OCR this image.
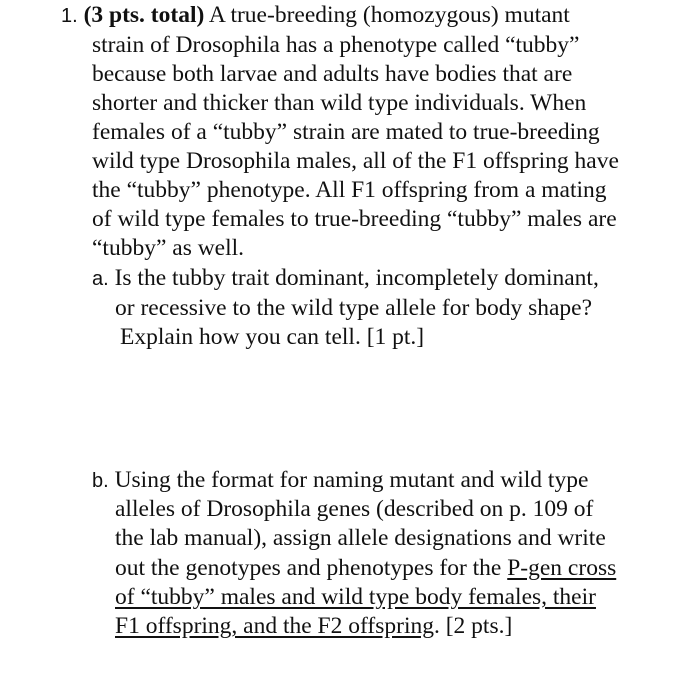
1. (3 pts. total) A true-breeding (homozygous) mutant
strain of Drosophila has a phenotype called “tubby”
because both larvae and adults have bodies that are
shorter and thicker than wild type individuals. When
females of a “tubby” strain are mated to true-breeding
wild type Drosophila males, all of the F1 offspring have
the “tubby” phenotype. All F1 offspring from a mating
of wild type females to true-breeding “tubby” males are
“tubby” as well.
a. Is the tubby trait dominant, incompletely dominant,
or recessive to the wild type allele for body shape?
Explain how you can tell. [1 pt.]
b. Using the format for naming mutant and wild type
alleles of Drosophila genes (described on p. 109 of
the lab manual), assign allele designations and write
out the genotypes and phenotypes for the P-gen cross
of “tubby” males and wild type body females, their
F1 offspring, and the F2 offspring. [2 pts.]
